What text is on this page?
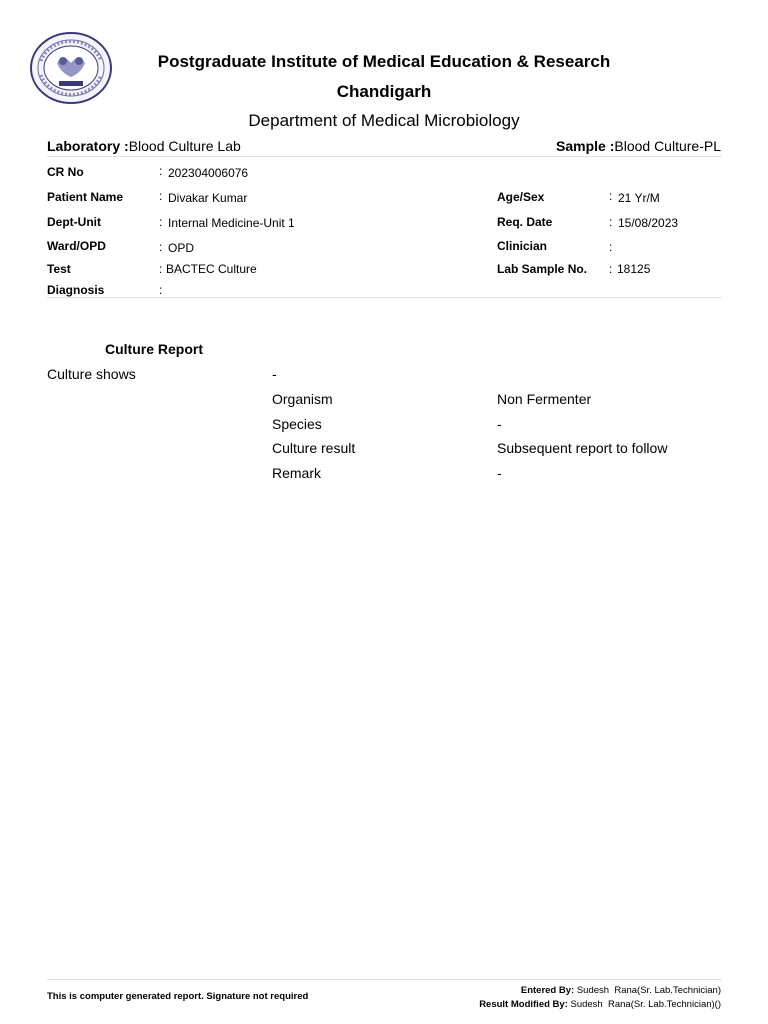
Postgraduate Institute of Medical Education & Research
Chandigarh
Department of Medical Microbiology
Laboratory :Blood Culture Lab	Sample :Blood Culture-PL
CR No	: 202304006076
Patient Name	: Divakar Kumar
Dept-Unit	: Internal Medicine-Unit 1
Ward/OPD	: OPD
Test	: BACTEC Culture
Diagnosis	:
Age/Sex	: 21 Yr/M
Req. Date	: 15/08/2023
Clinician	:
Lab Sample No. : 18125
Culture Report
Culture shows	-
Organism	Non Fermenter
Species	-
Culture result	Subsequent report to follow
Remark	-
This is computer generated report. Signature not required
Entered By: Sudesh  Rana(Sr. Lab.Technician)
Result Modified By: Sudesh  Rana(Sr. Lab.Technician)()
